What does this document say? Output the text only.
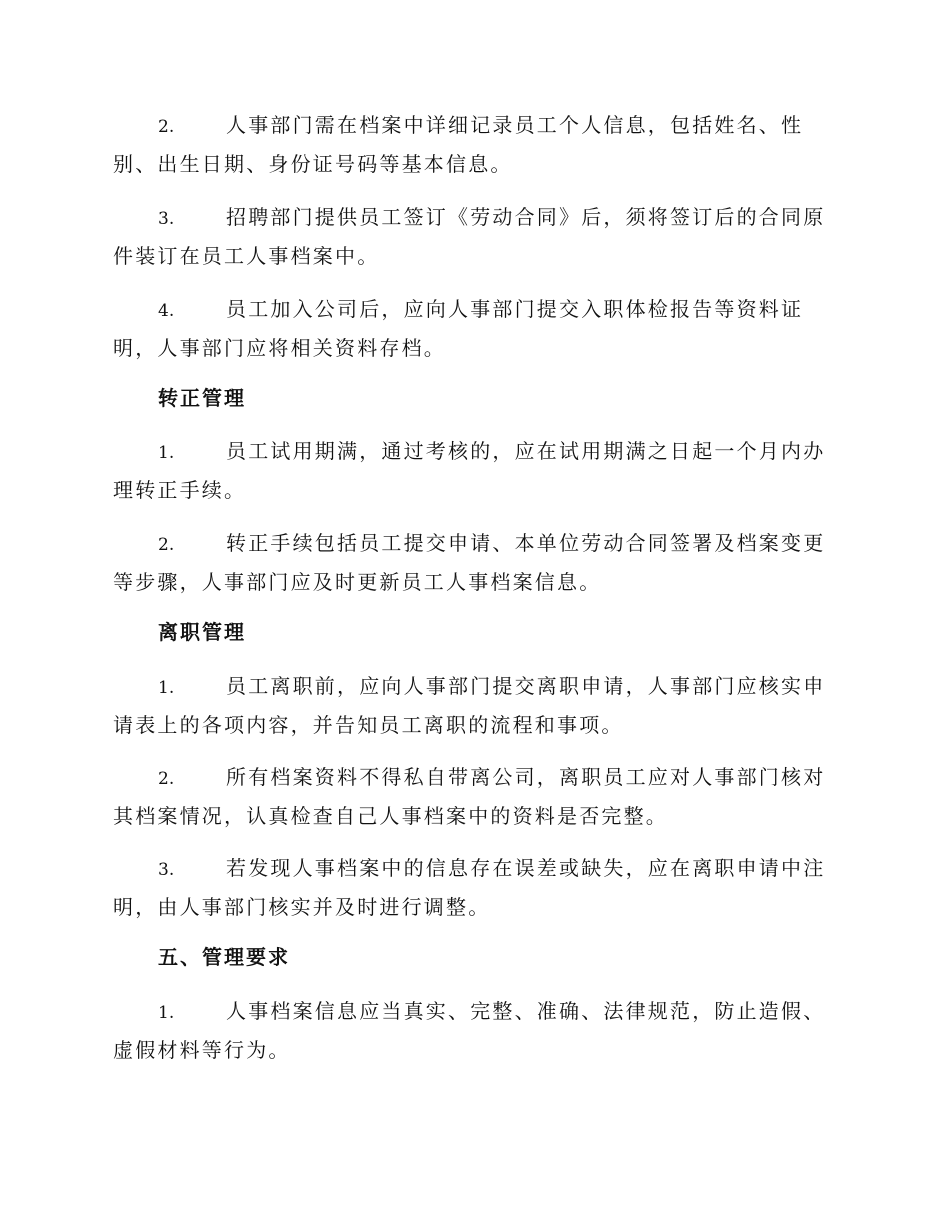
2.	人事部门需在档案中详细记录员工个人信息，包括姓名、性别、出生日期、身份证号码等基本信息。
3.	招聘部门提供员工签订《劳动合同》后，须将签订后的合同原件装订在员工人事档案中。
4.	员工加入公司后，应向人事部门提交入职体检报告等资料证明，人事部门应将相关资料存档。
转正管理
1.	员工试用期满，通过考核的，应在试用期满之日起一个月内办理转正手续。
2.	转正手续包括员工提交申请、本单位劳动合同签署及档案变更等步骤，人事部门应及时更新员工人事档案信息。
离职管理
1.	员工离职前，应向人事部门提交离职申请，人事部门应核实申请表上的各项内容，并告知员工离职的流程和事项。
2.	所有档案资料不得私自带离公司，离职员工应对人事部门核对其档案情况，认真检查自己人事档案中的资料是否完整。
3.	若发现人事档案中的信息存在误差或缺失，应在离职申请中注明，由人事部门核实并及时进行调整。
五、管理要求
1.	人事档案信息应当真实、完整、准确、法律规范，防止造假、虚假材料等行为。
